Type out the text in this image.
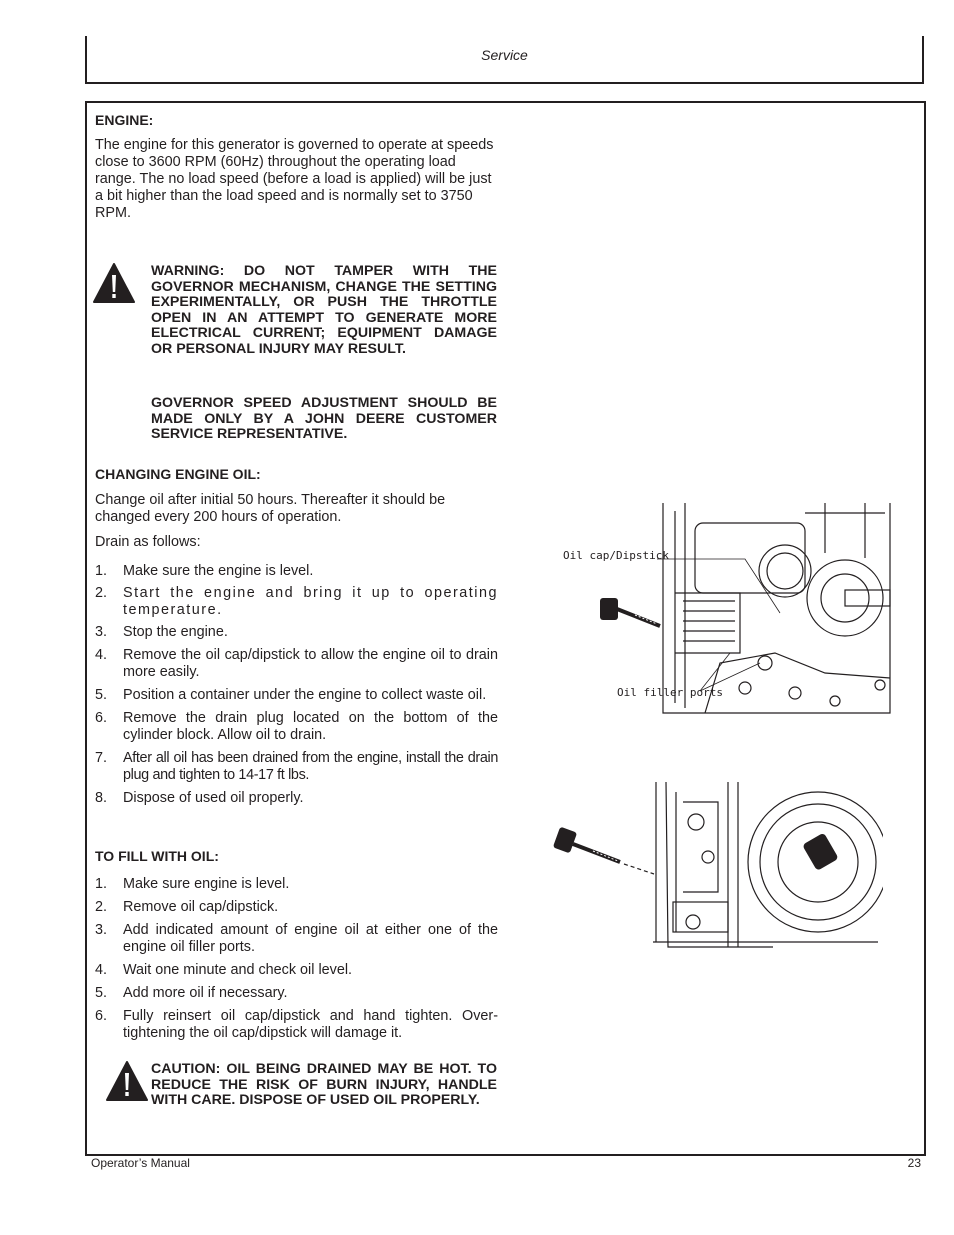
Service
ENGINE:

The engine for this generator is governed to operate at speeds close to 3600 RPM (60Hz) throughout the operating load range. The no load speed (before a load is applied) will be just a bit higher than the load speed and is normally set to 3750 RPM.

WARNING: DO NOT TAMPER WITH THE GOVERNOR MECHANISM, CHANGE THE SETTING EXPERIMENTALLY, OR PUSH THE THROTTLE OPEN IN AN ATTEMPT TO GENERATE MORE ELECTRICAL CURRENT; EQUIPMENT DAMAGE OR PERSONAL INJURY MAY RESULT.
GOVERNOR SPEED ADJUSTMENT SHOULD BE MADE ONLY BY A JOHN DEERE CUSTOMER SERVICE REPRESENTATIVE.
CHANGING ENGINE OIL:

Change oil after initial 50 hours. Thereafter it should be changed every 200 hours of operation.

Drain as follows:

1. Make sure the engine is level.
2. Start the engine and bring it up to operating temperature.
3. Stop the engine.
4. Remove the oil cap/dipstick to allow the engine oil to drain more easily.
5. Position a container under the engine to collect waste oil.
6. Remove the drain plug located on the bottom of the cylinder block. Allow oil to drain.
7. After all oil has been drained from the engine, install the drain plug and tighten to 14-17 ft lbs.
8. Dispose of used oil properly.
TO FILL WITH OIL:
1. Make sure engine is level.
2. Remove oil cap/dipstick.
3. Add indicated amount of engine oil at either one of the engine oil filler ports.
4. Wait one minute and check oil level.
5. Add more oil if necessary.
6. Fully reinsert oil cap/dipstick and hand tighten. Over-tightening the oil cap/dipstick will damage it.
CAUTION: OIL BEING DRAINED MAY BE HOT. TO REDUCE THE RISK OF BURN INJURY, HANDLE WITH CARE. DISPOSE OF USED OIL PROPERLY.
Oil cap/Dipstick
Oil filler ports
Operator’s Manual	23
